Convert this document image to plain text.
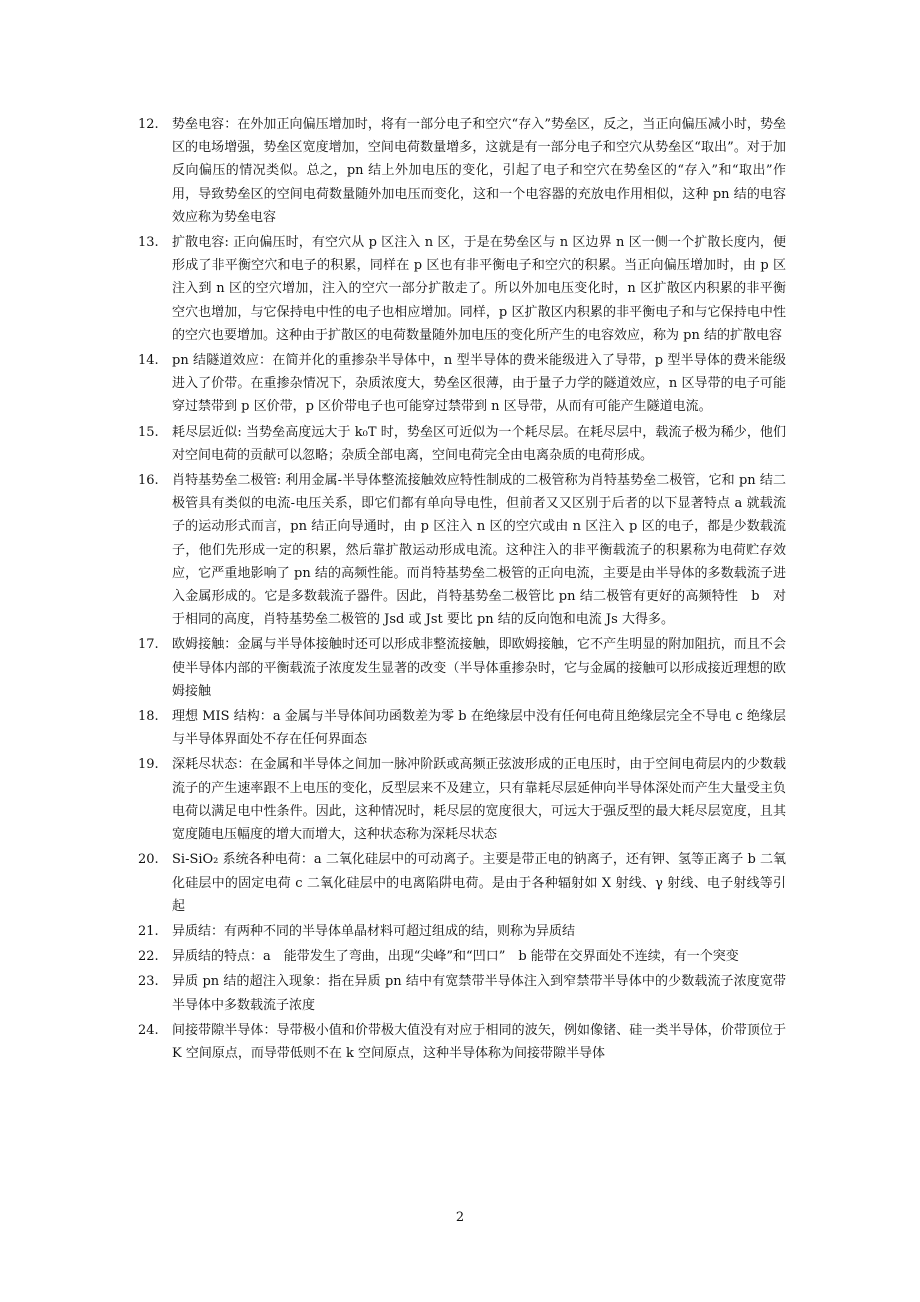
12.	势垒电容：在外加正向偏压增加时，将有一部分电子和空穴“存入”势垒区，反之，当正向偏压减小时，势垒区的电场增强，势垒区宽度增加，空间电荷数量增多，这就是有一部分电子和空穴从势垒区“取出”。对于加反向偏压的情况类似。总之，pn 结上外加电压的变化，引起了电子和空穴在势垒区的“存入”和“取出”作用，导致势垒区的空间电荷数量随外加电压而变化，这和一个电容器的充放电作用相似，这种 pn 结的电容效应称为势垒电容
13.	扩散电容: 正向偏压时，有空穴从 p 区注入 n 区，于是在势垒区与 n 区边界 n 区一侧一个扩散长度内，便形成了非平衡空穴和电子的积累，同样在 p 区也有非平衡电子和空穴的积累。当正向偏压增加时，由 p 区注入到 n 区的空穴增加，注入的空穴一部分扩散走了。所以外加电压变化时，n 区扩散区内积累的非平衡空穴也增加，与它保持电中性的电子也相应增加。同样，p 区扩散区内积累的非平衡电子和与它保持电中性的空穴也要增加。这种由于扩散区的电荷数量随外加电压的变化所产生的电容效应，称为 pn 结的扩散电容
14.	pn 结隧道效应：在简并化的重掺杂半导体中，n 型半导体的费米能级进入了导带，p 型半导体的费米能级进入了价带。在重掺杂情况下，杂质浓度大，势垒区很薄，由于量子力学的隧道效应，n 区导带的电子可能穿过禁带到 p 区价带，p 区价带电子也可能穿过禁带到 n 区导带，从而有可能产生隧道电流。
15.	耗尽层近似: 当势垒高度远大于 k₀T 时，势垒区可近似为一个耗尽层。在耗尽层中，载流子极为稀少，他们对空间电荷的贡献可以忽略；杂质全部电离，空间电荷完全由电离杂质的电荷形成。
16.	肖特基势垒二极管: 利用金属-半导体整流接触效应特性制成的二极管称为肖特基势垒二极管，它和 pn 结二极管具有类似的电流-电压关系，即它们都有单向导电性，但前者又又区别于后者的以下显著特点 a 就载流子的运动形式而言，pn 结正向导通时，由 p 区注入 n 区的空穴或由 n 区注入 p 区的电子，都是少数载流子，他们先形成一定的积累，然后靠扩散运动形成电流。这种注入的非平衡载流子的积累称为电荷贮存效应，它严重地影响了 pn 结的高频性能。而肖特基势垒二极管的正向电流，主要是由半导体的多数载流子进入金属形成的。它是多数载流子器件。因此，肖特基势垒二极管比 pn 结二极管有更好的高频特性　b　对于相同的高度，肖特基势垒二极管的 Jsd 或 Jst 要比 pn 结的反向饱和电流 Js 大得多。
17.	欧姆接触：金属与半导体接触时还可以形成非整流接触，即欧姆接触，它不产生明显的附加阻抗，而且不会使半导体内部的平衡载流子浓度发生显著的改变（半导体重掺杂时，它与金属的接触可以形成接近理想的欧姆接触
18.	理想 MIS 结构：a 金属与半导体间功函数差为零 b 在绝缘层中没有任何电荷且绝缘层完全不导电 c 绝缘层与半导体界面处不存在任何界面态
19.	深耗尽状态：在金属和半导体之间加一脉冲阶跃或高频正弦波形成的正电压时，由于空间电荷层内的少数载流子的产生速率跟不上电压的变化，反型层来不及建立，只有靠耗尽层延伸向半导体深处而产生大量受主负电荷以满足电中性条件。因此，这种情况时，耗尽层的宽度很大，可远大于强反型的最大耗尽层宽度，且其宽度随电压幅度的增大而增大，这种状态称为深耗尽状态
20.	Si-SiO₂ 系统各种电荷：a 二氧化硅层中的可动离子。主要是带正电的钠离子，还有钾、氢等正离子 b 二氧化硅层中的固定电荷 c 二氧化硅层中的电离陷阱电荷。是由于各种辐射如 X 射线、γ 射线、电子射线等引起
21.	异质结：有两种不同的半导体单晶材料可超过组成的结，则称为异质结
22.	异质结的特点：a　能带发生了弯曲，出现“尖峰”和“凹口”　b 能带在交界面处不连续，有一个突变
23.	异质 pn 结的超注入现象：指在异质 pn 结中有宽禁带半导体注入到窄禁带半导体中的少数载流子浓度宽带半导体中多数载流子浓度
24.	间接带隙半导体：导带极小值和价带极大值没有对应于相同的波矢，例如像锗、硅一类半导体，价带顶位于 K 空间原点，而导带低则不在 k 空间原点，这种半导体称为间接带隙半导体
2
